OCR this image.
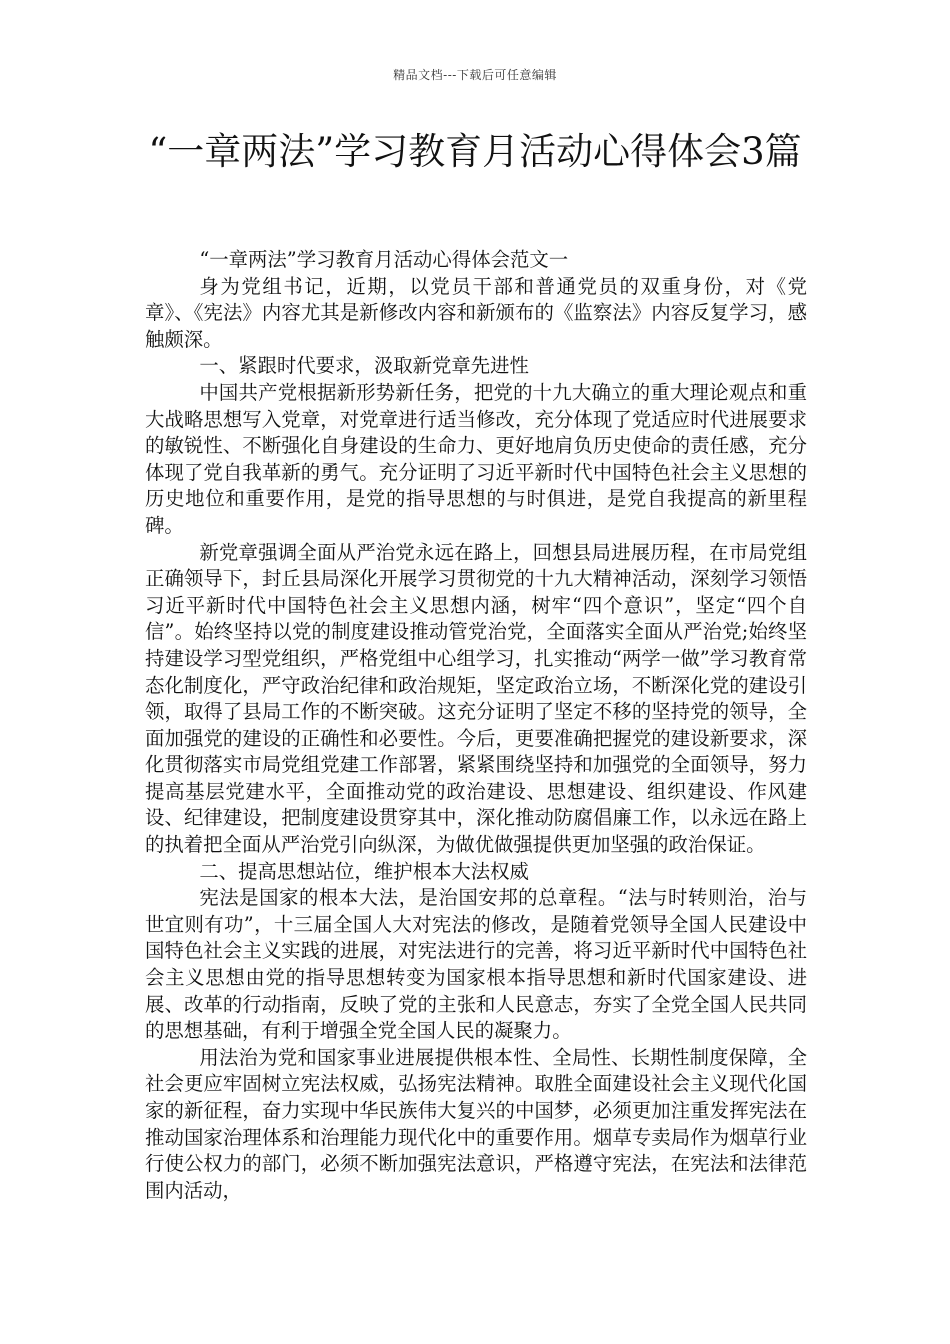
精品文档---下载后可任意编辑
“一章两法”学习教育月活动心得体会3篇

“一章两法”学习教育月活动心得体会范文一

身为党组书记，近期，以党员干部和普通党员的双重身份，对《党章》、《宪法》内容尤其是新修改内容和新颁布的《监察法》内容反复学习，感触颇深。

一、紧跟时代要求，汲取新党章先进性

中国共产党根据新形势新任务，把党的十九大确立的重大理论观点和重大战略思想写入党章，对党章进行适当修改，充分体现了党适应时代进展要求的敏锐性、不断强化自身建设的生命力、更好地肩负历史使命的责任感，充分体现了党自我革新的勇气。充分证明了习近平新时代中国特色社会主义思想的历史地位和重要作用，是党的指导思想的与时俱进，是党自我提高的新里程碑。

新党章强调全面从严治党永远在路上，回想县局进展历程，在市局党组正确领导下，封丘县局深化开展学习贯彻党的十九大精神活动，深刻学习领悟习近平新时代中国特色社会主义思想内涵，树牢“四个意识”，坚定“四个自信”。始终坚持以党的制度建设推动管党治党，全面落实全面从严治党;始终坚持建设学习型党组织，严格党组中心组学习，扎实推动“两学一做”学习教育常态化制度化，严守政治纪律和政治规矩，坚定政治立场，不断深化党的建设引领，取得了县局工作的不断突破。这充分证明了坚定不移的坚持党的领导，全面加强党的建设的正确性和必要性。今后，更要准确把握党的建设新要求，深化贯彻落实市局党组党建工作部署，紧紧围绕坚持和加强党的全面领导，努力提高基层党建水平，全面推动党的政治建设、思想建设、组织建设、作风建设、纪律建设，把制度建设贯穿其中，深化推动防腐倡廉工作，以永远在路上的执着把全面从严治党引向纵深，为做优做强提供更加坚强的政治保证。

二、提高思想站位，维护根本大法权威

宪法是国家的根本大法，是治国安邦的总章程。“法与时转则治，治与世宜则有功”，十三届全国人大对宪法的修改，是随着党领导全国人民建设中国特色社会主义实践的进展，对宪法进行的完善，将习近平新时代中国特色社会主义思想由党的指导思想转变为国家根本指导思想和新时代国家建设、进展、改革的行动指南，反映了党的主张和人民意志，夯实了全党全国人民共同的思想基础，有利于增强全党全国人民的凝聚力。

用法治为党和国家事业进展提供根本性、全局性、长期性制度保障，全社会更应牢固树立宪法权威，弘扬宪法精神。取胜全面建设社会主义现代化国家的新征程，奋力实现中华民族伟大复兴的中国梦，必须更加注重发挥宪法在推动国家治理体系和治理能力现代化中的重要作用。烟草专卖局作为烟草行业行使公权力的部门，必须不断加强宪法意识，严格遵守宪法，在宪法和法律范围内活动，
